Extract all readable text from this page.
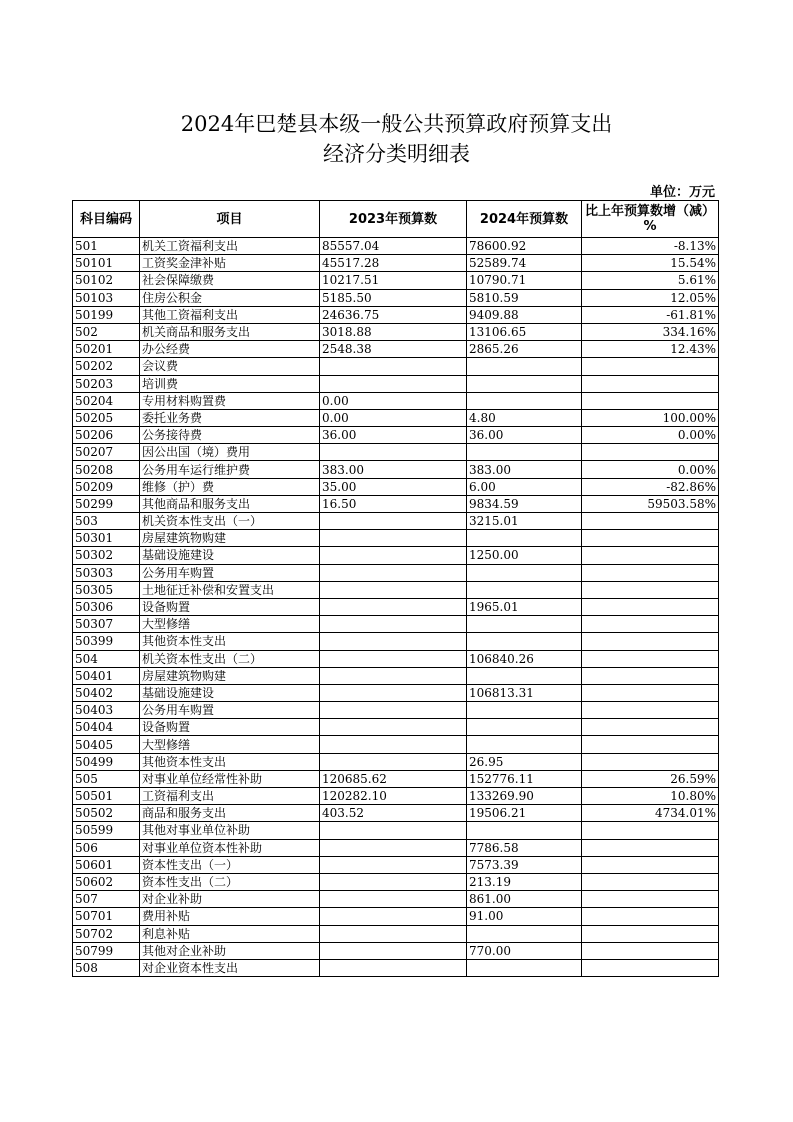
2024年巴楚县本级一般公共预算政府预算支出
经济分类明细表
单位：万元
科目编码	项目	2023年预算数	2024年预算数	比上年预算数增（减）%
501	机关工资福利支出	85557.04	78600.92	-8.13%
50101	工资奖金津补贴	45517.28	52589.74	15.54%
50102	社会保障缴费	10217.51	10790.71	5.61%
50103	住房公积金	5185.50	5810.59	12.05%
50199	其他工资福利支出	24636.75	9409.88	-61.81%
502	机关商品和服务支出	3018.88	13106.65	334.16%
50201	办公经费	2548.38	2865.26	12.43%
50202	会议费			
50203	培训费			
50204	专用材料购置费	0.00		
50205	委托业务费	0.00	4.80	100.00%
50206	公务接待费	36.00	36.00	0.00%
50207	因公出国（境）费用			
50208	公务用车运行维护费	383.00	383.00	0.00%
50209	维修（护）费	35.00	6.00	-82.86%
50299	其他商品和服务支出	16.50	9834.59	59503.58%
503	机关资本性支出（一）		3215.01	
50301	房屋建筑物购建			
50302	基础设施建设		1250.00	
50303	公务用车购置			
50305	土地征迁补偿和安置支出			
50306	设备购置		1965.01	
50307	大型修缮			
50399	其他资本性支出			
504	机关资本性支出（二）		106840.26	
50401	房屋建筑物购建			
50402	基础设施建设		106813.31	
50403	公务用车购置			
50404	设备购置			
50405	大型修缮			
50499	其他资本性支出		26.95	
505	对事业单位经常性补助	120685.62	152776.11	26.59%
50501	工资福利支出	120282.10	133269.90	10.80%
50502	商品和服务支出	403.52	19506.21	4734.01%
50599	其他对事业单位补助			
506	对事业单位资本性补助		7786.58	
50601	资本性支出（一）		7573.39	
50602	资本性支出（二）		213.19	
507	对企业补助		861.00	
50701	费用补贴		91.00	
50702	利息补贴			
50799	其他对企业补助		770.00	
508	对企业资本性支出			
